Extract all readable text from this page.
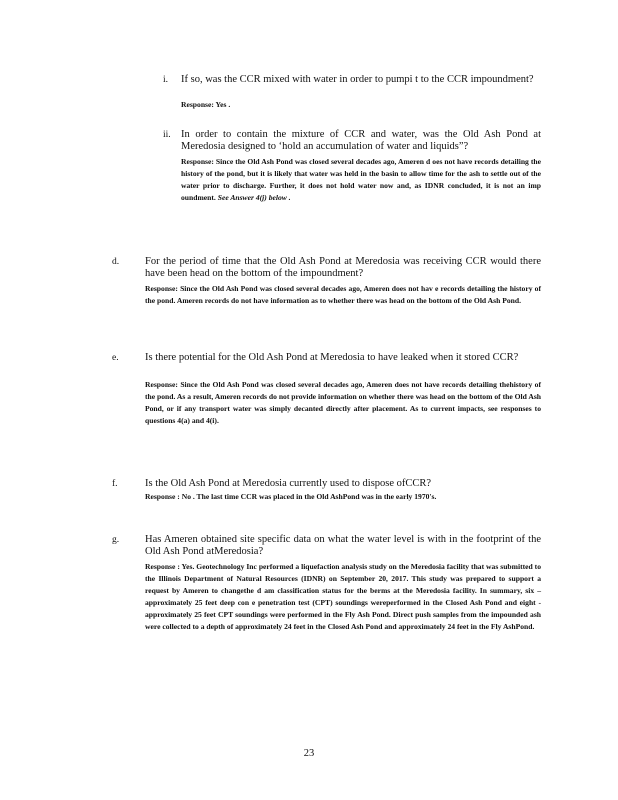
i. If so, was the CCR mixed with water in order to pumpi t to the CCR impoundment?
Response: Yes .
ii. In order to contain the mixture of CCR and water, was the Old Ash Pond at Meredosia designed to ‘hold an accumulation of water and liquids”?
Response: Since the Old Ash Pond was closed several decades ago, Ameren d oes not have records detailing the history of the pond, but it is likely that water was held in the basin to allow time for the ash to settle out of the water prior to discharge. Further, it does not hold water now and, as IDNR concluded, it is not an imp oundment. See Answer 4(j) below .
d. For the period of time that the Old Ash Pond at Meredosia was receiving CCR would there have been head on the bottom of the impoundment?
Response: Since the Old Ash Pond was closed several decades ago, Ameren does not hav e records detailing the history of the pond. Ameren records do not have information as to whether there was head on the bottom of the Old Ash Pond.
e.	Is there potential for the Old Ash Pond at Meredosia to have leaked when it stored CCR?
Response: Since the Old Ash Pond was closed several decades ago, Ameren does not have records detailing thehistory of the pond. As a result, Ameren records do not provide information on whether there was head on the bottom of the Old Ash Pond, or if any transport water was simply decanted directly after placement. As to current impacts, see responses to questions 4(a) and 4(i).
f.	Is the Old Ash Pond at Meredosia currently used to dispose ofCCR?
Response : No . The last time CCR was placed in the Old AshPond was in the early 1970's.
g. Has Ameren obtained site specific data on what the water level is with in the footprint of the Old Ash Pond atMeredosia?
Response : Yes. Geotechnology Inc performed a liquefaction analysis study on the Meredosia facility that was submitted to the Illinois Department of Natural Resources (IDNR) on September 20, 2017. This study was prepared to support a request by Ameren to changethe d am classification status for the berms at the Meredosia facility. In summary, six – approximately 25 feet deep con e penetration test (CPT) soundings wereperformed in the Closed Ash Pond and eight - approximately 25 feet CPT soundings were performed in the Fly Ash Pond. Direct push samples from the impounded ash were collected to a depth of approximately 24 feet in the Closed Ash Pond and approximately 24 feet in the Fly AshPond.
23
